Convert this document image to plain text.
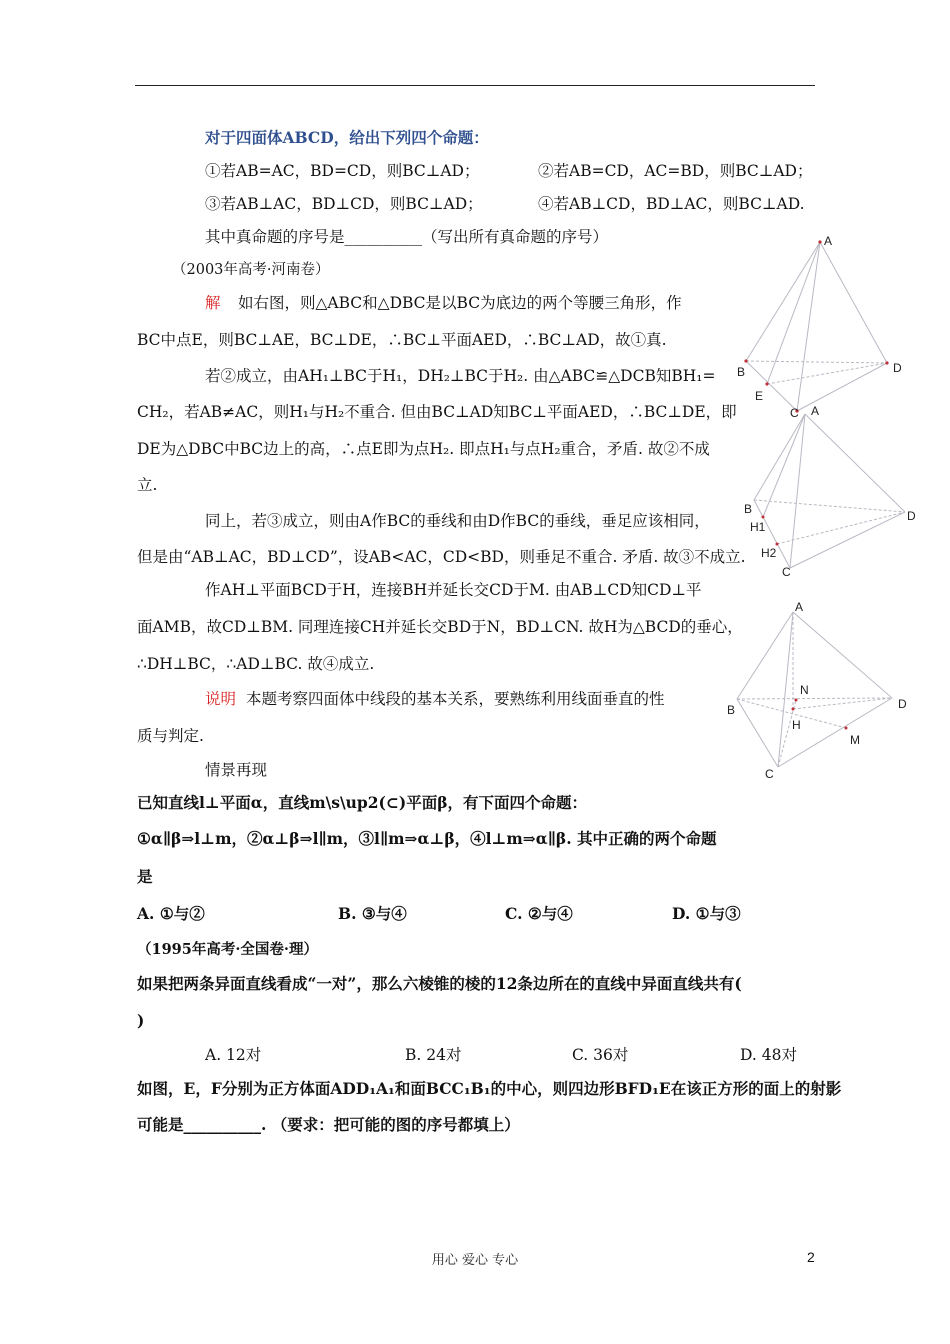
对于四面体ABCD，给出下列四个命题：
①若AB=AC，BD=CD，则BC⊥AD；	②若AB=CD，AC=BD，则BC⊥AD；
③若AB⊥AC，BD⊥CD，则BC⊥AD；	④若AB⊥CD，BD⊥AC，则BC⊥AD.
其中真命题的序号是__________（写出所有真命题的序号）
（2003年高考·河南卷）
解 如右图，则△ABC和△DBC是以BC为底边的两个等腰三角形，作
BC中点E，则BC⊥AE，BC⊥DE，∴BC⊥平面AED，∴BC⊥AD，故①真.
若②成立，由AH₁⊥BC于H₁，DH₂⊥BC于H₂. 由△ABC≌△DCB知BH₁=
CH₂，若AB≠AC，则H₁与H₂不重合. 但由BC⊥AD知BC⊥平面AED，∴BC⊥DE，即
DE为△DBC中BC边上的高，∴点E即为点H₂. 即点H₁与点H₂重合，矛盾. 故②不成
立.
同上，若③成立，则由A作BC的垂线和由D作BC的垂线，垂足应该相同，
但是由“AB⊥AC，BD⊥CD”，设AB<AC，CD<BD，则垂足不重合. 矛盾. 故③不成立.
作AH⊥平面BCD于H，连接BH并延长交CD于M. 由AB⊥CD知CD⊥平
面AMB，故CD⊥BM. 同理连接CH并延长交BD于N，BD⊥CN. 故H为△BCD的垂心，
∴DH⊥BC，∴AD⊥BC. 故④成立.
说明 本题考察四面体中线段的基本关系，要熟练利用线面垂直的性
质与判定.
情景再现
已知直线l⊥平面α，直线m\s\up2(⊂)平面β，有下面四个命题：
①α∥β⇒l⊥m，②α⊥β⇒l∥m，③l∥m⇒α⊥β，④l⊥m⇒α∥β. 其中正确的两个命题
是
A. ①与②	B. ③与④	C. ②与④	D. ①与③
（1995年高考·全国卷·理）
如果把两条异面直线看成“一对”，那么六棱锥的棱的12条边所在的直线中异面直线共有(
)
A. 12对	B. 24对	C. 36对	D. 48对
如图，E，F分别为正方体面ADD₁A₁和面BCC₁B₁的中心，则四边形BFD₁E在该正方形的面上的射影
可能是__________. （要求：把可能的图的序号都填上）
A
B	D
E
C A
B
H1
H2
C
D
A
N
B	D
H
M
C
用心 爱心 专心	2
